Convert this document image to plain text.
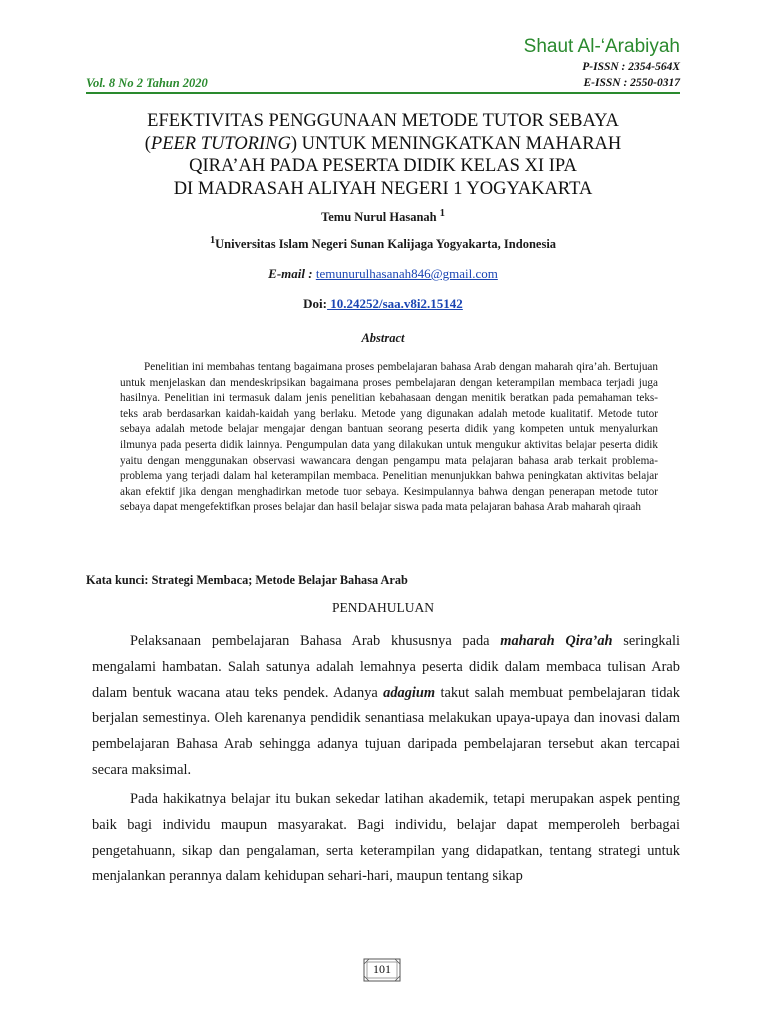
Shaut Al-‘Arabiyah
P-ISSN : 2354-564X
E-ISSN : 2550-0317
Vol. 8 No 2 Tahun 2020
EFEKTIVITAS PENGGUNAAN METODE TUTOR SEBAYA
(PEER TUTORING) UNTUK MENINGKATKAN MAHARAH
QIRA’AH PADA PESERTA DIDIK KELAS XI IPA
DI MADRASAH ALIYAH NEGERI 1 YOGYAKARTA
Temu Nurul Hasanah $^1$
$^1$Universitas Islam Negeri Sunan Kalijaga Yogyakarta, Indonesia
E-mail : temunurulhasanah846@gmail.com
Doi: 10.24252/saa.v8i2.15142
Abstract

Penelitian ini membahas tentang bagaimana proses pembelajaran bahasa Arab dengan maharah qira’ah. Bertujuan untuk menjelaskan dan mendeskripsikan bagaimana proses pembelajaran dengan keterampilan membaca terjadi juga hasilnya. Penelitian ini termasuk dalam jenis penelitian kebahasaan dengan menitik beratkan pada pemahaman teks-teks arab berdasarkan kaidah-kaidah yang berlaku. Metode yang digunakan adalah metode kualitatif. Metode tutor sebaya adalah metode belajar mengajar dengan bantuan seorang peserta didik yang kompeten untuk menyalurkan ilmunya pada peserta didik lainnya. Pengumpulan data yang dilakukan untuk mengukur aktivitas belajar peserta didik yaitu dengan menggunakan observasi wawancara dengan pengampu mata pelajaran bahasa arab terkait problema-problema yang terjadi dalam hal keterampilan membaca. Penelitian menunjukkan bahwa peningkatan aktivitas belajar akan efektif jika dengan menghadirkan metode tuor sebaya. Kesimpulannya bahwa dengan penerapan metode tutor sebaya dapat mengefektifkan proses belajar dan hasil belajar siswa pada mata pelajaran bahasa Arab maharah qiraah

Kata kunci: Strategi Membaca; Metode Belajar Bahasa Arab
PENDAHULUAN

Pelaksanaan pembelajaran Bahasa Arab khususnya pada maharah Qira’ah seringkali mengalami hambatan. Salah satunya adalah lemahnya peserta didik dalam membaca tulisan Arab dalam bentuk wacana atau teks pendek. Adanya adagium takut salah membuat pembelajaran tidak berjalan semestinya. Oleh karenanya pendidik senantiasa melakukan upaya-upaya dan inovasi dalam pembelajaran Bahasa Arab sehingga adanya tujuan daripada pembelajaran tersebut akan tercapai secara maksimal.

Pada hakikatnya belajar itu bukan sekedar latihan akademik, tetapi merupakan aspek penting baik bagi individu maupun masyarakat. Bagi individu, belajar dapat memperoleh berbagai pengetahuann, sikap dan pengalaman, serta keterampilan yang didapatkan, tentang strategi untuk menjalankan perannya dalam kehidupan sehari-hari, maupun tentang sikap

101
